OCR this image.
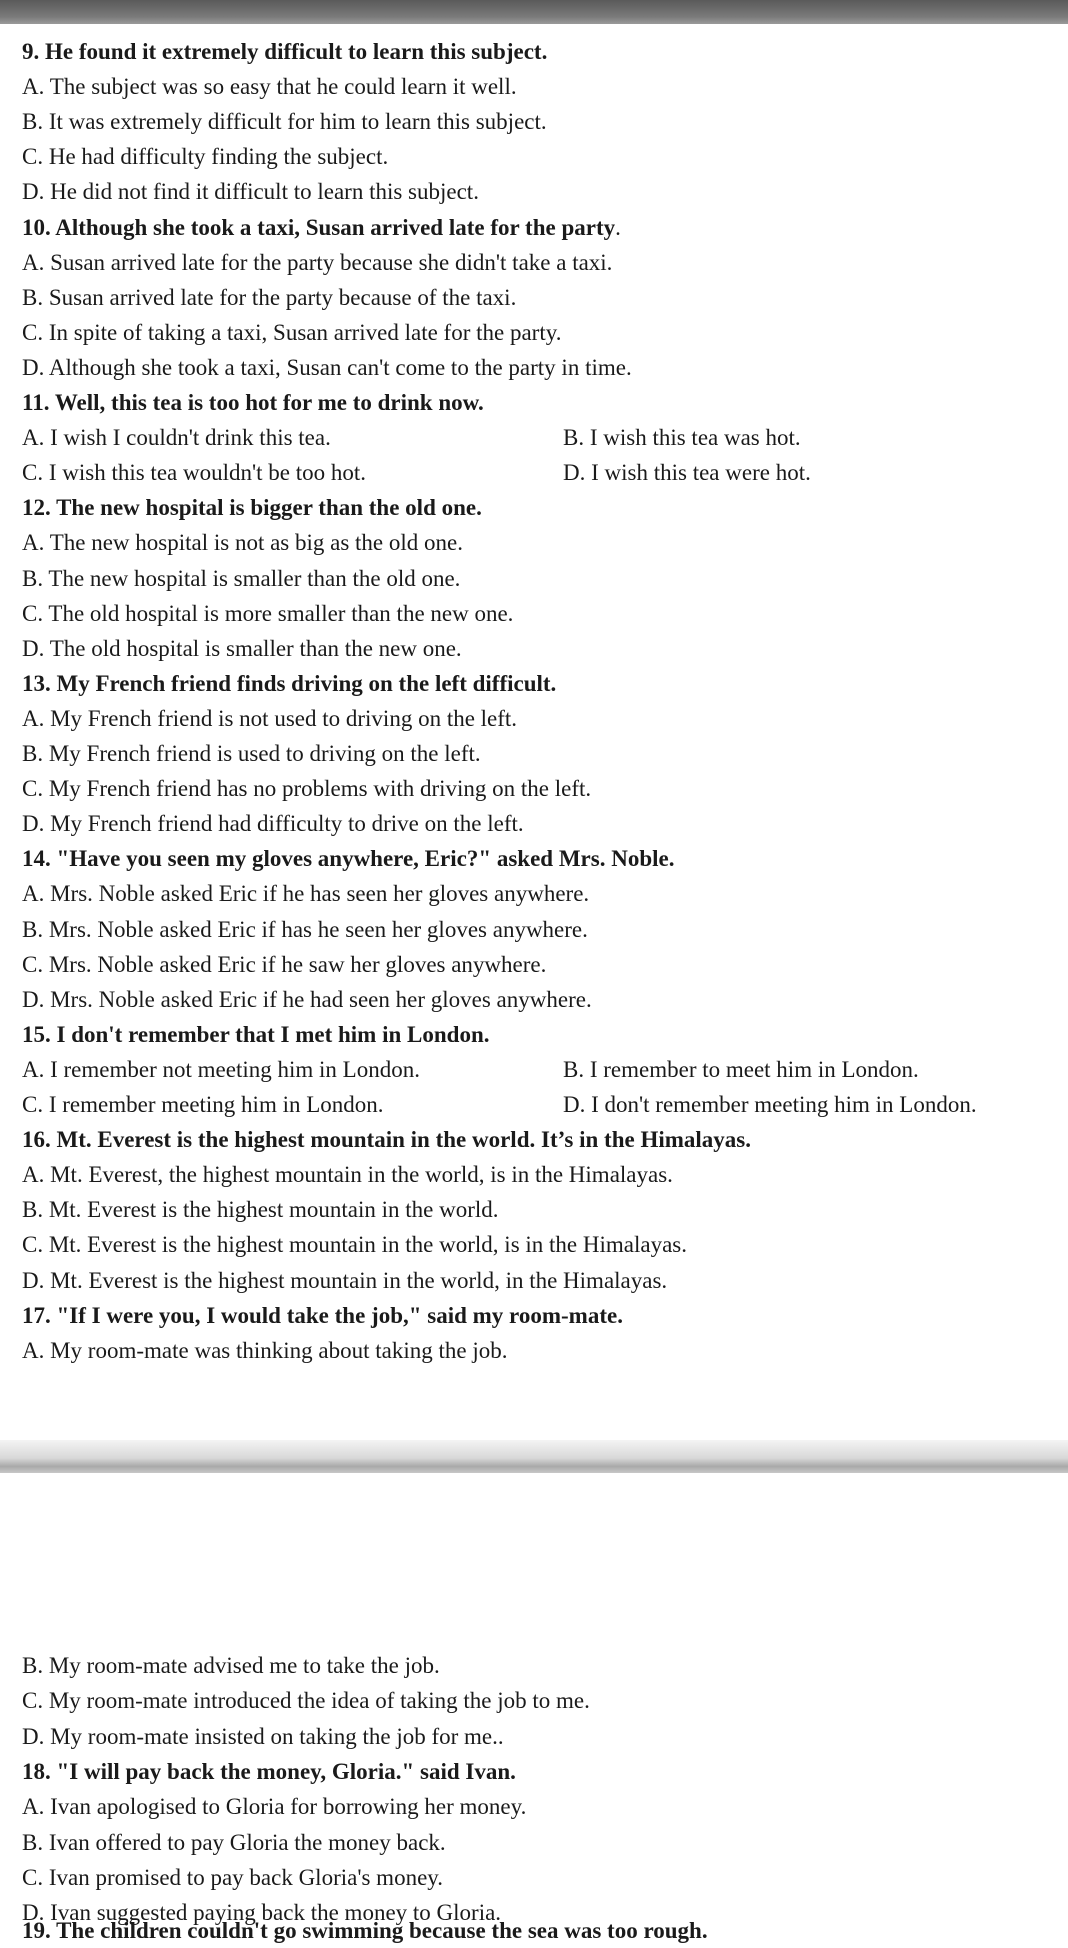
9. He found it extremely difficult to learn this subject.
A. The subject was so easy that he could learn it well.
B. It was extremely difficult for him to learn this subject.
C. He had difficulty finding the subject.
D. He did not find it difficult to learn this subject.
10. Although she took a taxi, Susan arrived late for the party.
A. Susan arrived late for the party because she didn't take a taxi.
B. Susan arrived late for the party because of the taxi.
C. In spite of taking a taxi, Susan arrived late for the party.
D. Although she took a taxi, Susan can't come to the party in time.
11. Well, this tea is too hot for me to drink now.
A. I wish I couldn't drink this tea.	B. I wish this tea was hot.
C. I wish this tea wouldn't be too hot.	D. I wish this tea were hot.
12. The new hospital is bigger than the old one.
A. The new hospital is not as big as the old one.
B. The new hospital is smaller than the old one.
C. The old hospital is more smaller than the new one.
D. The old hospital is smaller than the new one.
13. My French friend finds driving on the left difficult.
A. My French friend is not used to driving on the left.
B. My French friend is used to driving on the left.
C. My French friend has no problems with driving on the left.
D. My French friend had difficulty to drive on the left.
14. "Have you seen my gloves anywhere, Eric?" asked Mrs. Noble.
A. Mrs. Noble asked Eric if he has seen her gloves anywhere.
B. Mrs. Noble asked Eric if has he seen her gloves anywhere.
C. Mrs. Noble asked Eric if he saw her gloves anywhere.
D. Mrs. Noble asked Eric if he had seen her gloves anywhere.
15. I don't remember that I met him in London.
A. I remember not meeting him in London.	B. I remember to meet him in London.
C. I remember meeting him in London.	D. I don't remember meeting him in London.
16. Mt. Everest is the highest mountain in the world. It’s in the Himalayas.
A. Mt. Everest, the highest mountain in the world, is in the Himalayas.
B. Mt. Everest is the highest mountain in the world.
C. Mt. Everest is the highest mountain in the world, is in the Himalayas.
D. Mt. Everest is the highest mountain in the world, in the Himalayas.
17. "If I were you, I would take the job," said my room-mate.
A. My room-mate was thinking about taking the job.
19. The children couldn't go swimming because the sea was too rough.
B. My room-mate advised me to take the job.
C. My room-mate introduced the idea of taking the job to me.
D. My room-mate insisted on taking the job for me..
18. "I will pay back the money, Gloria." said Ivan.
A. Ivan apologised to Gloria for borrowing her money.
B. Ivan offered to pay Gloria the money back.
C. Ivan promised to pay back Gloria's money.
D. Ivan suggested paying back the money to Gloria.
